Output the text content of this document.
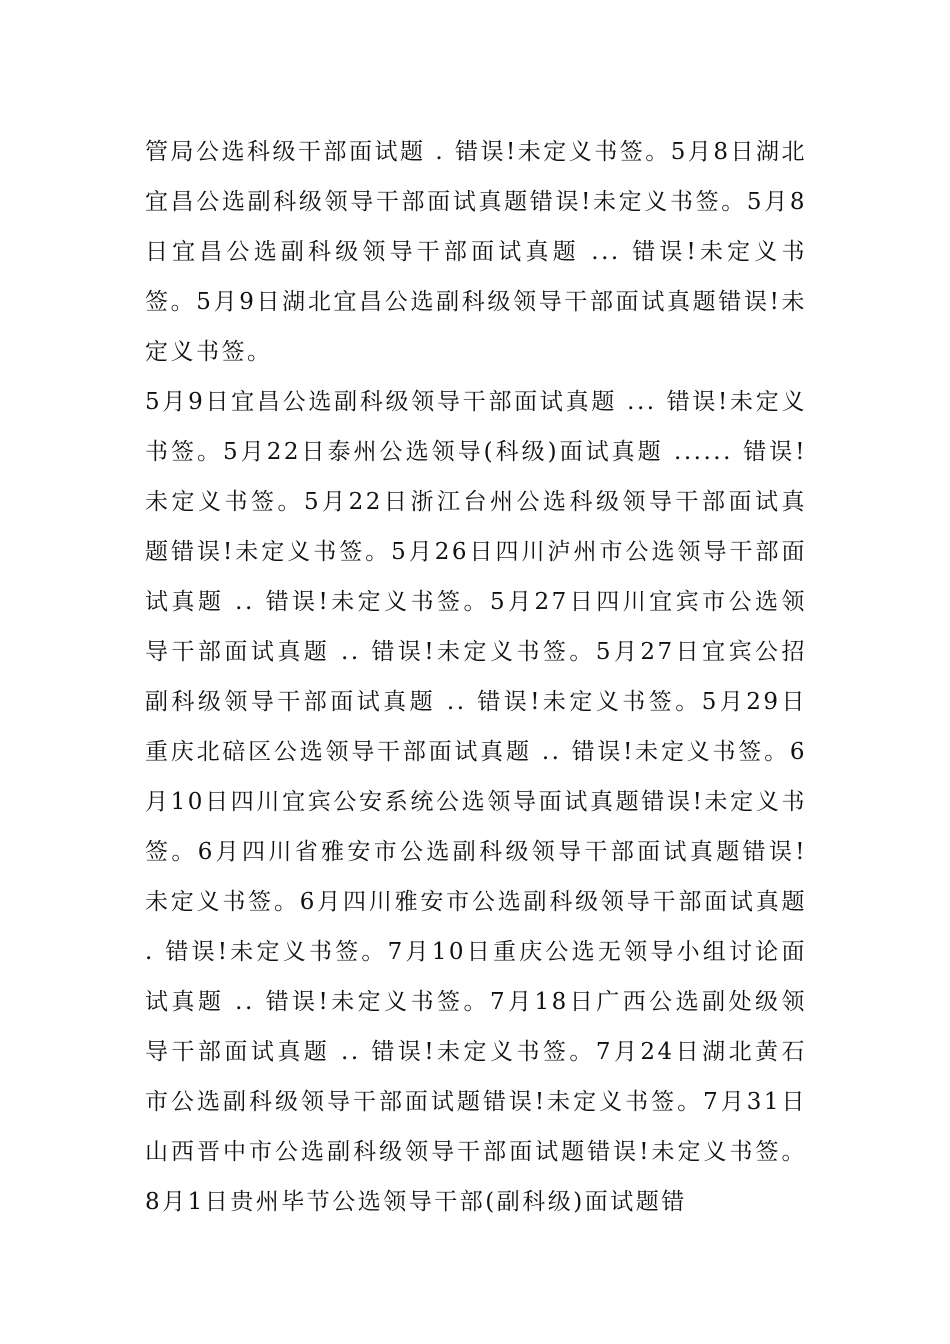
管局公选科级干部面试题 . 错误!未定义书签。5月8日湖北宜昌公选副科级领导干部面试真题错误!未定义书签。5月8日宜昌公选副科级领导干部面试真题 ... 错误!未定义书签。5月9日湖北宜昌公选副科级领导干部面试真题错误!未定义书签。

5月9日宜昌公选副科级领导干部面试真题 ... 错误!未定义书签。5月22日泰州公选领导(科级)面试真题 ...... 错误!未定义书签。5月22日浙江台州公选科级领导干部面试真题错误!未定义书签。5月26日四川泸州市公选领导干部面试真题 .. 错误!未定义书签。5月27日四川宜宾市公选领导干部面试真题 .. 错误!未定义书签。5月27日宜宾公招副科级领导干部面试真题 .. 错误!未定义书签。5月29日重庆北碚区公选领导干部面试真题 .. 错误!未定义书签。6月10日四川宜宾公安系统公选领导面试真题错误!未定义书签。6月四川省雅安市公选副科级领导干部面试真题错误!未定义书签。6月四川雅安市公选副科级领导干部面试真题 . 错误!未定义书签。7月10日重庆公选无领导小组讨论面试真题 .. 错误!未定义书签。7月18日广西公选副处级领导干部面试真题 .. 错误!未定义书签。7月24日湖北黄石市公选副科级领导干部面试题错误!未定义书签。7月31日山西晋中市公选副科级领导干部面试题错误!未定义书签。8月1日贵州毕节公选领导干部(副科级)面试题错
